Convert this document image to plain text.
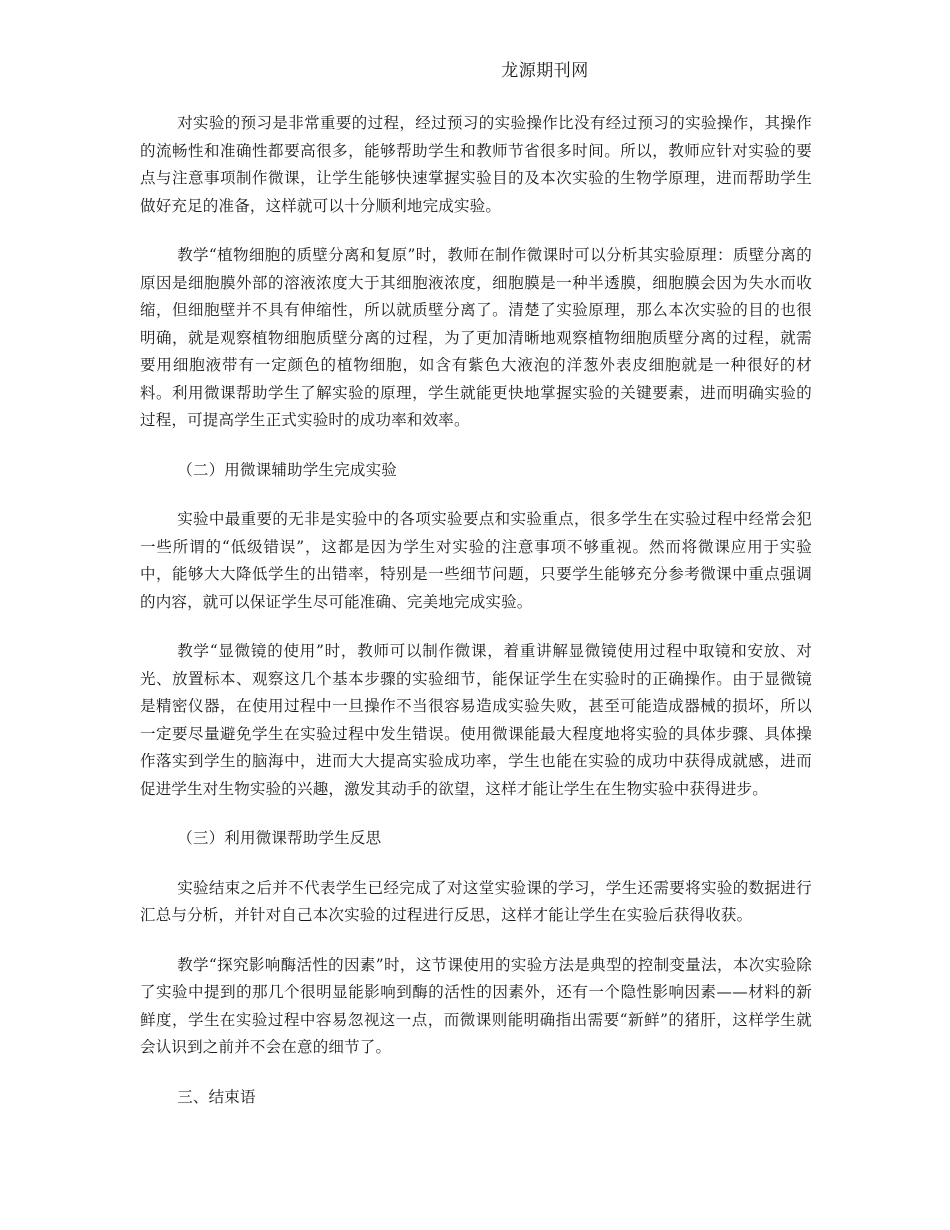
龙源期刊网

对实验的预习是非常重要的过程，经过预习的实验操作比没有经过预习的实验操作，其操作的流畅性和准确性都要高很多，能够帮助学生和教师节省很多时间。所以，教师应针对实验的要点与注意事项制作微课，让学生能够快速掌握实验目的及本次实验的生物学原理，进而帮助学生做好充足的准备，这样就可以十分顺利地完成实验。

教学“植物细胞的质壁分离和复原”时，教师在制作微课时可以分析其实验原理：质壁分离的原因是细胞膜外部的溶液浓度大于其细胞液浓度，细胞膜是一种半透膜，细胞膜会因为失水而收缩，但细胞壁并不具有伸缩性，所以就质壁分离了。清楚了实验原理，那么本次实验的目的也很明确，就是观察植物细胞质壁分离的过程，为了更加清晰地观察植物细胞质壁分离的过程，就需要用细胞液带有一定颜色的植物细胞，如含有紫色大液泡的洋葱外表皮细胞就是一种很好的材料。利用微课帮助学生了解实验的原理，学生就能更快地掌握实验的关键要素，进而明确实验的过程，可提高学生正式实验时的成功率和效率。

（二）用微课辅助学生完成实验

实验中最重要的无非是实验中的各项实验要点和实验重点，很多学生在实验过程中经常会犯一些所谓的“低级错误”，这都是因为学生对实验的注意事项不够重视。然而将微课应用于实验中，能够大大降低学生的出错率，特别是一些细节问题，只要学生能够充分参考微课中重点强调的内容，就可以保证学生尽可能准确、完美地完成实验。

教学“显微镜的使用”时，教师可以制作微课，着重讲解显微镜使用过程中取镜和安放、对光、放置标本、观察这几个基本步骤的实验细节，能保证学生在实验时的正确操作。由于显微镜是精密仪器，在使用过程中一旦操作不当很容易造成实验失败，甚至可能造成器械的损坏，所以一定要尽量避免学生在实验过程中发生错误。使用微课能最大程度地将实验的具体步骤、具体操作落实到学生的脑海中，进而大大提高实验成功率，学生也能在实验的成功中获得成就感，进而促进学生对生物实验的兴趣，激发其动手的欲望，这样才能让学生在生物实验中获得进步。

（三）利用微课帮助学生反思

实验结束之后并不代表学生已经完成了对这堂实验课的学习，学生还需要将实验的数据进行汇总与分析，并针对自己本次实验的过程进行反思，这样才能让学生在实验后获得收获。

教学“探究影响酶活性的因素”时，这节课使用的实验方法是典型的控制变量法，本次实验除了实验中提到的那几个很明显能影响到酶的活性的因素外，还有一个隐性影响因素——材料的新鲜度，学生在实验过程中容易忽视这一点，而微课则能明确指出需要“新鲜”的猪肝，这样学生就会认识到之前并不会在意的细节了。

三、结束语
